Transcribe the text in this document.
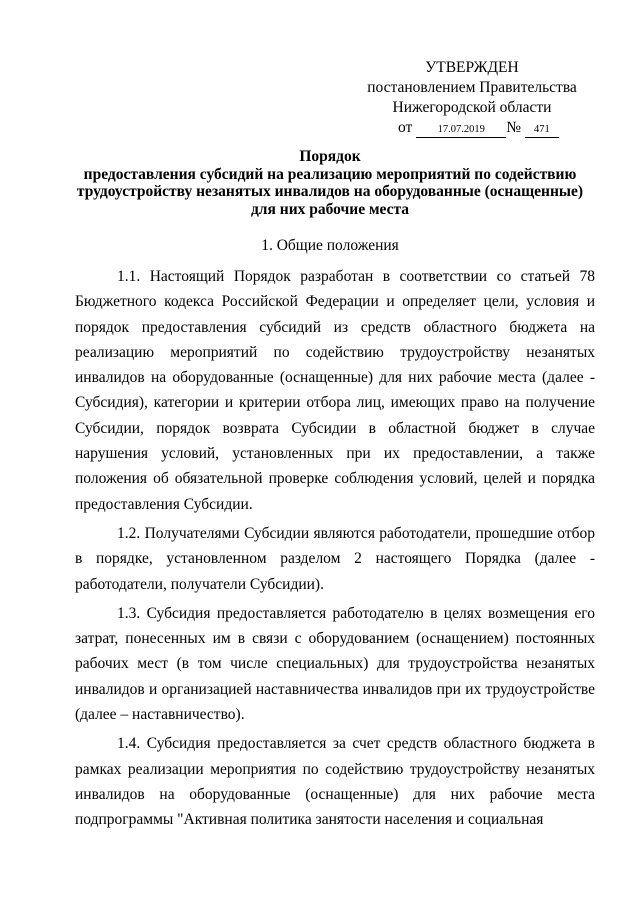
УТВЕРЖДЕН
постановлением Правительства
Нижегородской области
от 17.07.2019 № 471
Порядок
предоставления субсидий на реализацию мероприятий по содействию
трудоустройству незанятых инвалидов на оборудованные (оснащенные)
для них рабочие места
1. Общие положения

1.1. Настоящий Порядок разработан в соответствии со статьей 78 Бюджетного кодекса Российской Федерации и определяет цели, условия и порядок предоставления субсидий из средств областного бюджета на реализацию мероприятий по содействию трудоустройству незанятых инвалидов на оборудованные (оснащенные) для них рабочие места (далее - Субсидия), категории и критерии отбора лиц, имеющих право на получение Субсидии, порядок возврата Субсидии в областной бюджет в случае нарушения условий, установленных при их предоставлении, а также положения об обязательной проверке соблюдения условий, целей и порядка предоставления Субсидии.

1.2. Получателями Субсидии являются работодатели, прошедшие отбор в порядке, установленном разделом 2 настоящего Порядка (далее - работодатели, получатели Субсидии).

1.3. Субсидия предоставляется работодателю в целях возмещения его затрат, понесенных им в связи с оборудованием (оснащением) постоянных рабочих мест (в том числе специальных) для трудоустройства незанятых инвалидов и организацией наставничества инвалидов при их трудоустройстве (далее – наставничество).

1.4. Субсидия предоставляется за счет средств областного бюджета в рамках реализации мероприятия по содействию трудоустройству незанятых инвалидов на оборудованные (оснащенные) для них рабочие места подпрограммы "Активная политика занятости населения и социальная
